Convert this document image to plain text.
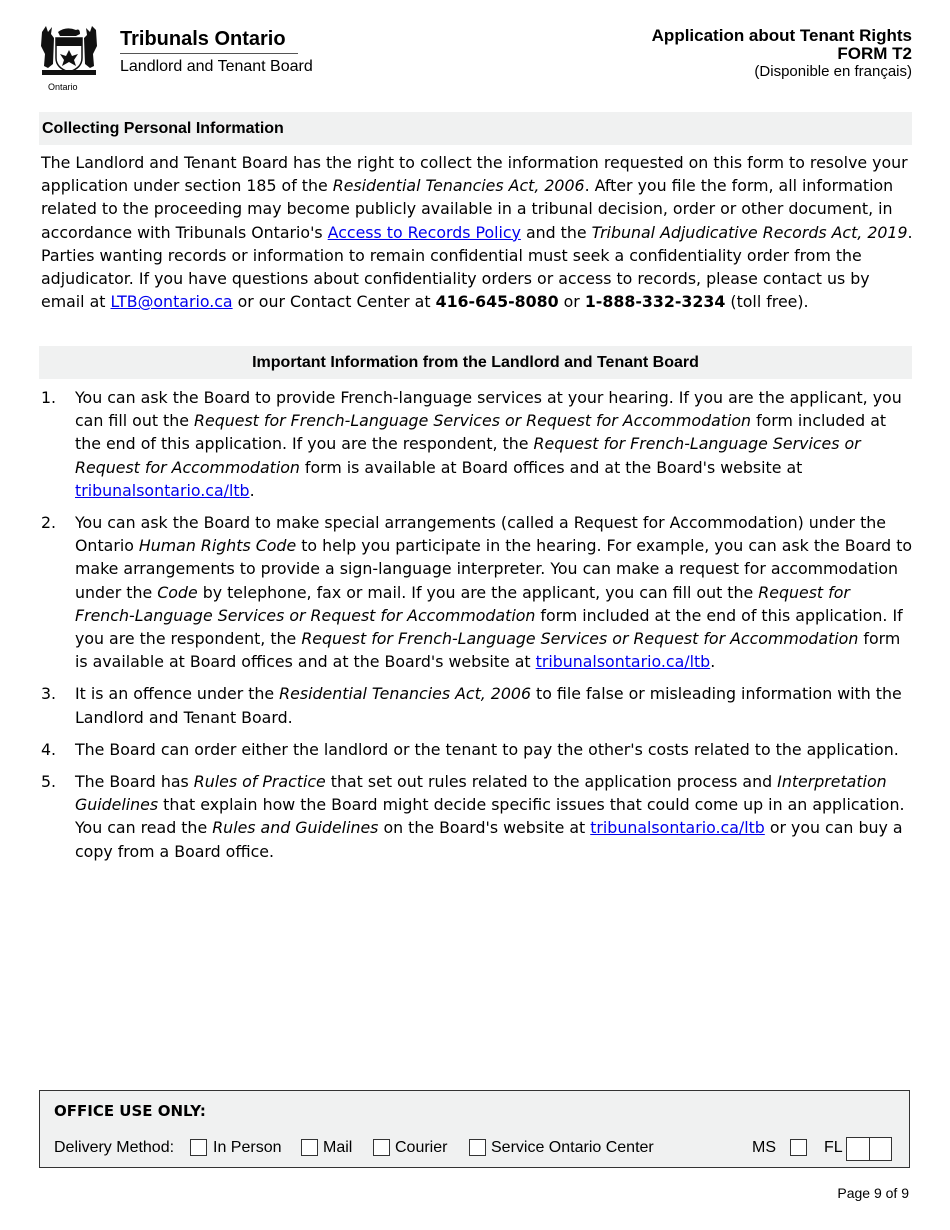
Ontario
Tribunals Ontario
Landlord and Tenant Board
Application about Tenant Rights
FORM T2
(Disponible en français)
Collecting Personal Information
The Landlord and Tenant Board has the right to collect the information requested on this form to resolve your application under section 185 of the Residential Tenancies Act, 2006. After you file the form, all information related to the proceeding may become publicly available in a tribunal decision, order or other document, in accordance with Tribunals Ontario's Access to Records Policy and the Tribunal Adjudicative Records Act, 2019. Parties wanting records or information to remain confidential must seek a confidentiality order from the adjudicator. If you have questions about confidentiality orders or access to records, please contact us by email at LTB@ontario.ca or our Contact Center at 416-645-8080 or 1-888-332-3234 (toll free).
Important Information from the Landlord and Tenant Board
1. You can ask the Board to provide French-language services at your hearing. If you are the applicant, you can fill out the Request for French-Language Services or Request for Accommodation form included at the end of this application. If you are the respondent, the Request for French-Language Services or Request for Accommodation form is available at Board offices and at the Board's website at tribunalsontario.ca/ltb.
2. You can ask the Board to make special arrangements (called a Request for Accommodation) under the Ontario Human Rights Code to help you participate in the hearing. For example, you can ask the Board to make arrangements to provide a sign-language interpreter. You can make a request for accommodation under the Code by telephone, fax or mail. If you are the applicant, you can fill out the Request for French-Language Services or Request for Accommodation form included at the end of this application. If you are the respondent, the Request for French-Language Services or Request for Accommodation form is available at Board offices and at the Board's website at tribunalsontario.ca/ltb.
3. It is an offence under the Residential Tenancies Act, 2006 to file false or misleading information with the Landlord and Tenant Board.
4. The Board can order either the landlord or the tenant to pay the other's costs related to the application.
5. The Board has Rules of Practice that set out rules related to the application process and Interpretation Guidelines that explain how the Board might decide specific issues that could come up in an application. You can read the Rules and Guidelines on the Board's website at tribunalsontario.ca/ltb or you can buy a copy from a Board office.
OFFICE USE ONLY:
Delivery Method: In Person	Mail	Courier	Service Ontario Center	MS	FL
Page 9 of 9
